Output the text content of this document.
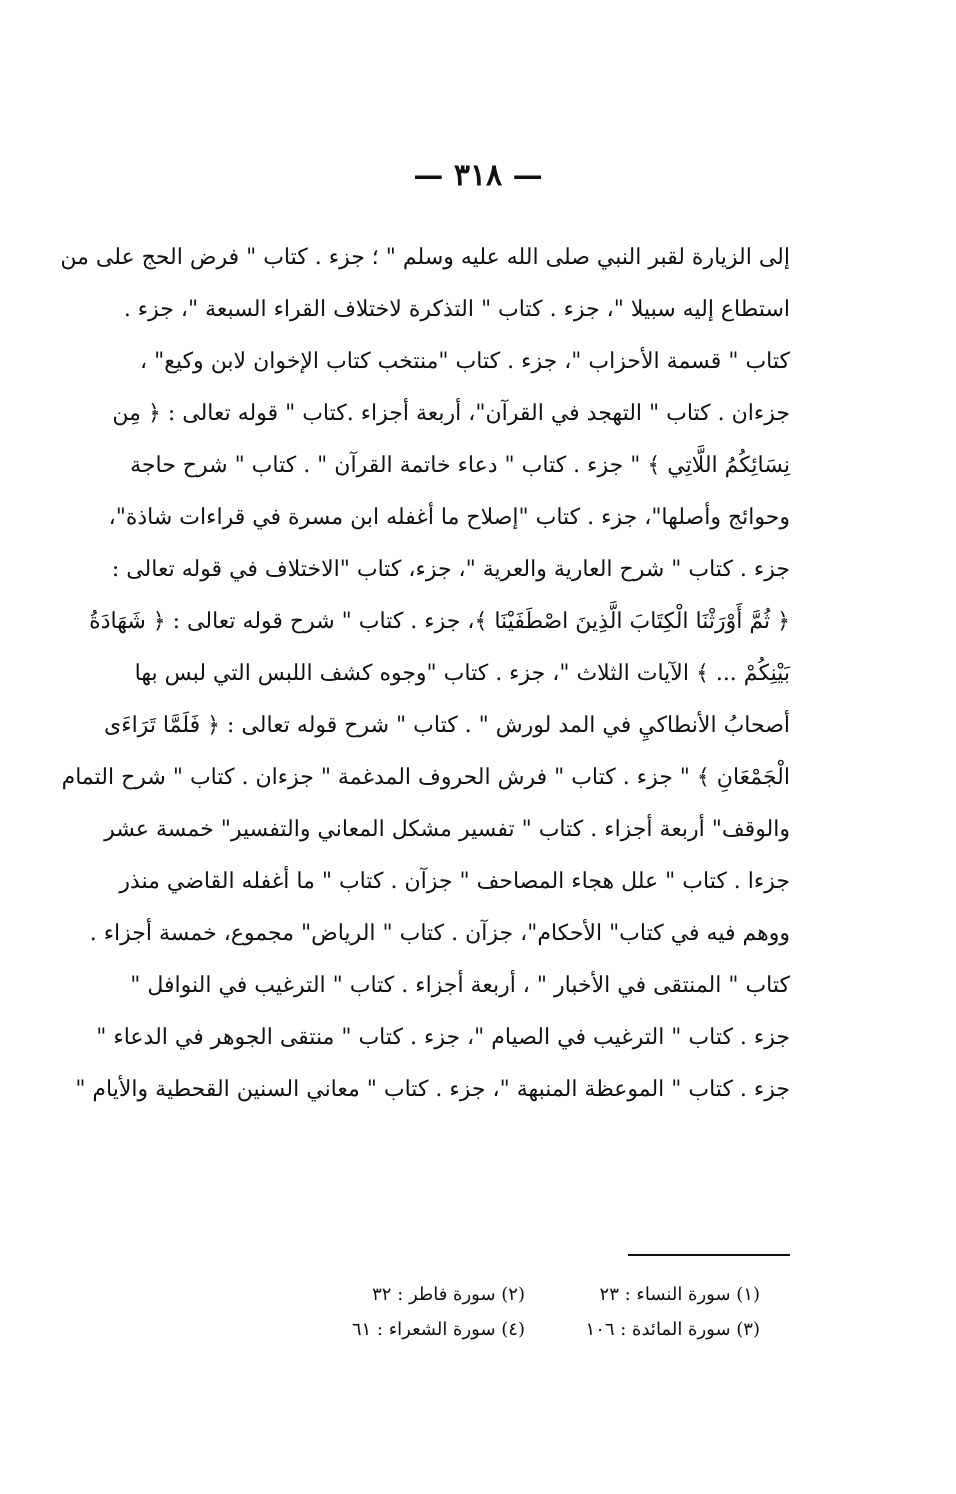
— ٣١٨ —
إلى الزيارة لقبر النبي صلى الله عليه وسلم " ؛ جزء . كتاب " فرض الحج على من
استطاع إليه سبيلا "، جزء . كتاب " التذكرة لاختلاف القراء السبعة "، جزء .
كتاب " قسمة الأحزاب "، جزء . كتاب "منتخب كتاب الإخوان لابن وكيع" ،
جزءان . كتاب " التهجد في القرآن"، أربعة أجزاء .كتاب " قوله تعالى : ﴿ مِن
نِسَائِكُمُ اللَّاتِي ﴾ " جزء . كتاب " دعاء خاتمة القرآن " . كتاب " شرح حاجة
وحوائج وأصلها"، جزء . كتاب "إصلاح ما أغفله ابن مسرة في قراءات شاذة"،
جزء . كتاب " شرح العارية والعرية "، جزء، كتاب "الاختلاف في قوله تعالى :
﴿ ثُمَّ أَوْرَثْنَا الْكِتَابَ الَّذِينَ اصْطَفَيْنَا ﴾، جزء . كتاب " شرح قوله تعالى : ﴿ شَهَادَةُ
بَيْنِكُمْ ... ﴾ الآيات الثلاث "، جزء . كتاب "وجوه كشف اللبس التي لبس بها
أصحابُ الأنطاكيِ في المد لورش " . كتاب " شرح قوله تعالى : ﴿ فَلَمَّا تَرَاءَى
الْجَمْعَانِ ﴾ " جزء . كتاب " فرش الحروف المدغمة " جزءان . كتاب " شرح التمام
والوقف" أربعة أجزاء . كتاب " تفسير مشكل المعاني والتفسير" خمسة عشر
جزءا . كتاب " علل هجاء المصاحف " جزآن . كتاب " ما أغفله القاضي منذر
ووهم فيه في كتاب" الأحكام"، جزآن . كتاب " الرياض" مجموع، خمسة أجزاء .
كتاب " المنتقى في الأخبار " ، أربعة أجزاء . كتاب " الترغيب في النوافل "
جزء . كتاب " الترغيب في الصيام "، جزء . كتاب " منتقى الجوهر في الدعاء "
جزء . كتاب " الموعظة المنبهة "، جزء . كتاب " معاني السنين القحطية والأيام "
(١) سورة النساء : ٢٣
(٢) سورة فاطر : ٣٢
(٣) سورة المائدة : ١٠٦
(٤) سورة الشعراء : ٦١
